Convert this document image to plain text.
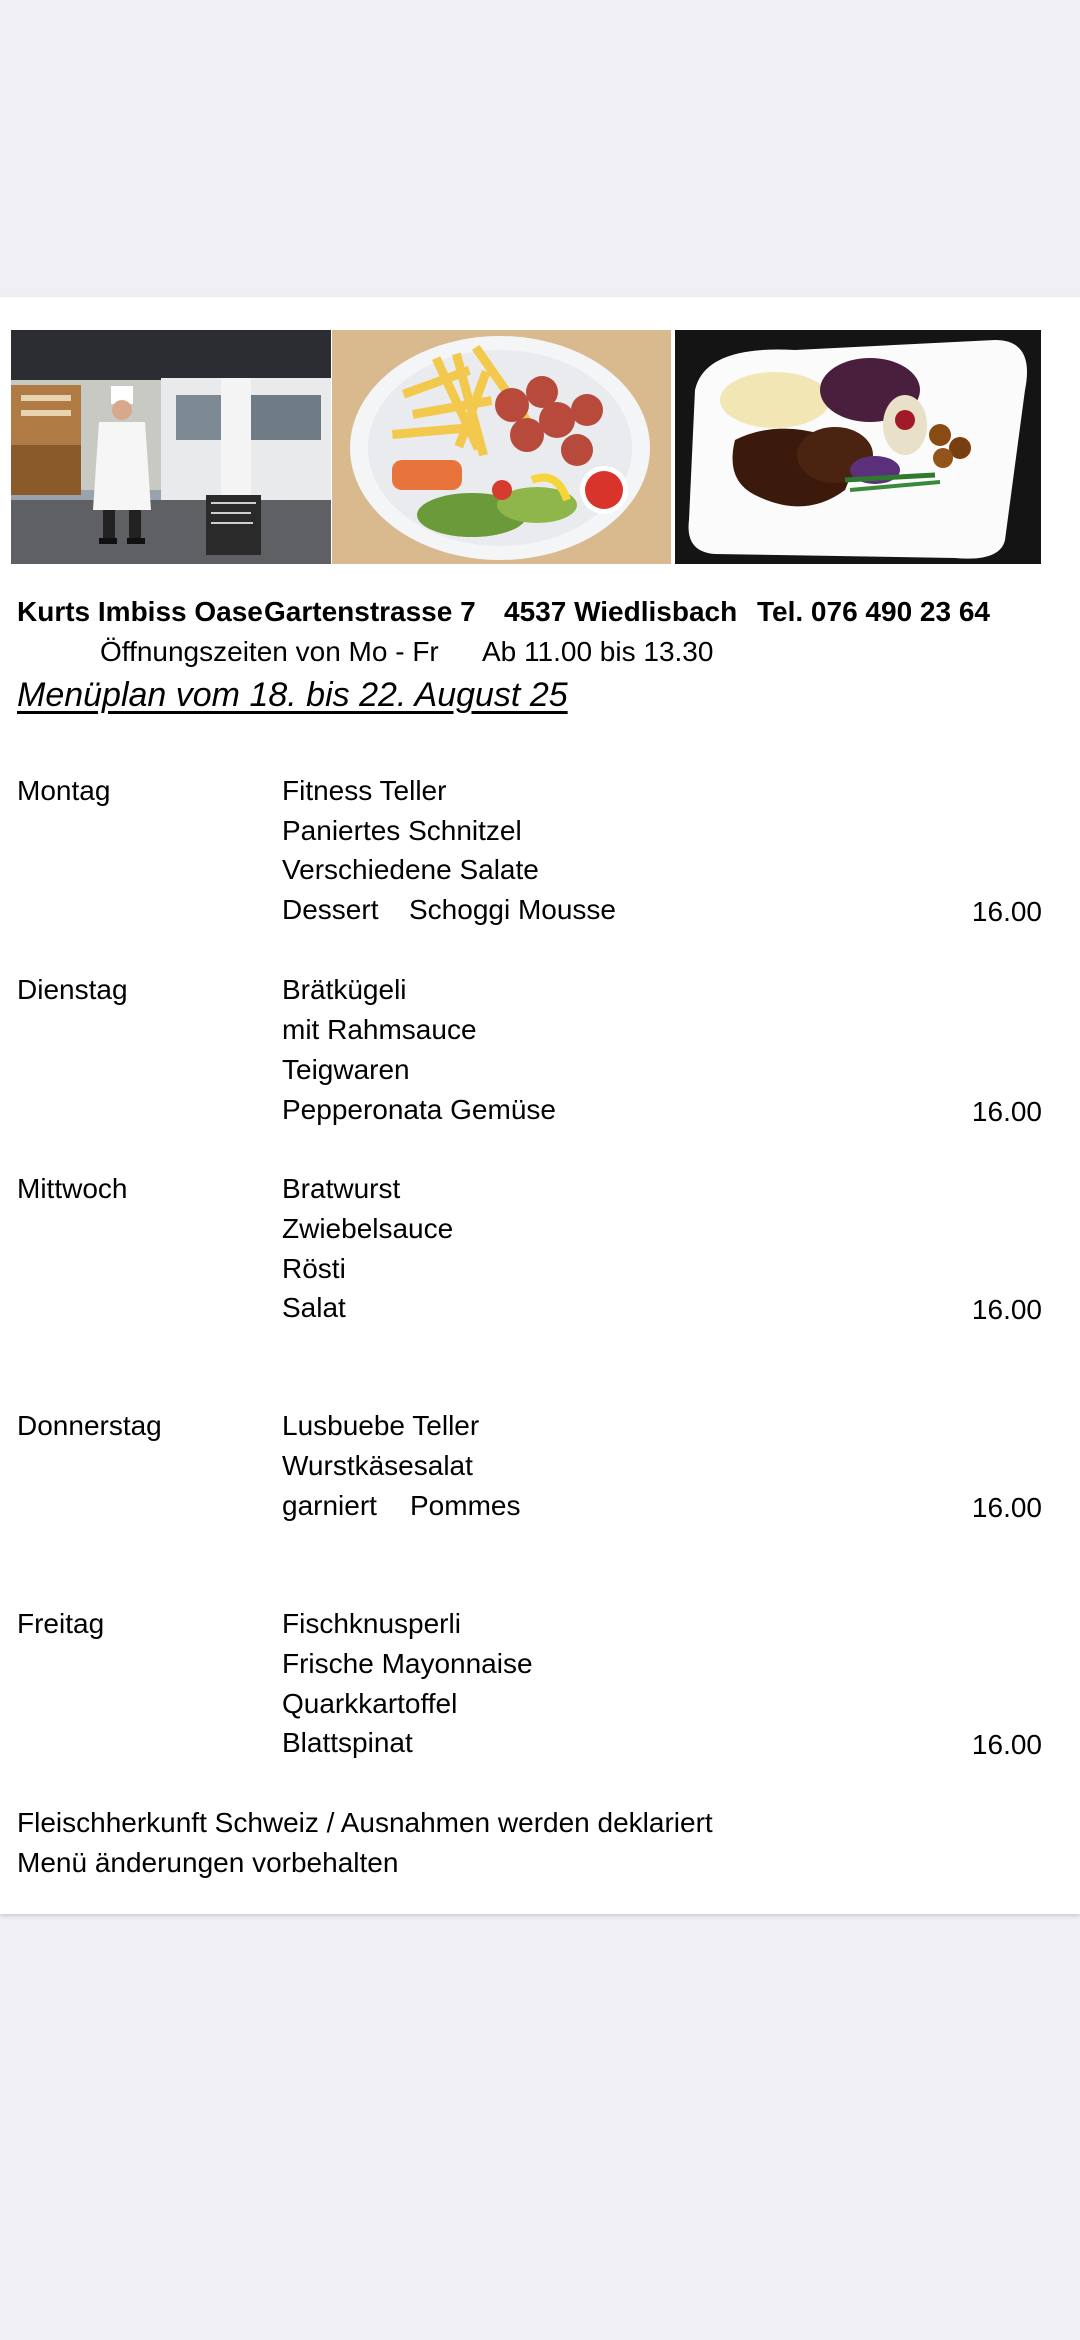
Kurts Imbiss Oase Gartenstrasse 7 4537 Wiedlisbach Tel. 076 490 23 64
Öffnungszeiten von Mo - Fr Ab 11.00 bis 13.30
Menüplan vom 18. bis 22. August 25
Montag	Fitness Teller
Paniertes Schnitzel
Verschiedene Salate
Dessert Schoggi Mousse	16.00
Dienstag	Brätkügeli
mit Rahmsauce
Teigwaren
Pepperonata Gemüse	16.00
Mittwoch	Bratwurst
Zwiebelsauce
Rösti
Salat	16.00
Donnerstag	Lusbuebe Teller
Wurstkäsesalat
garniert Pommes	16.00
Freitag	Fischknusperli
Frische Mayonnaise
Quarkkartoffel
Blattspinat	16.00
Fleischherkunft Schweiz / Ausnahmen werden deklariert
Menü änderungen vorbehalten
